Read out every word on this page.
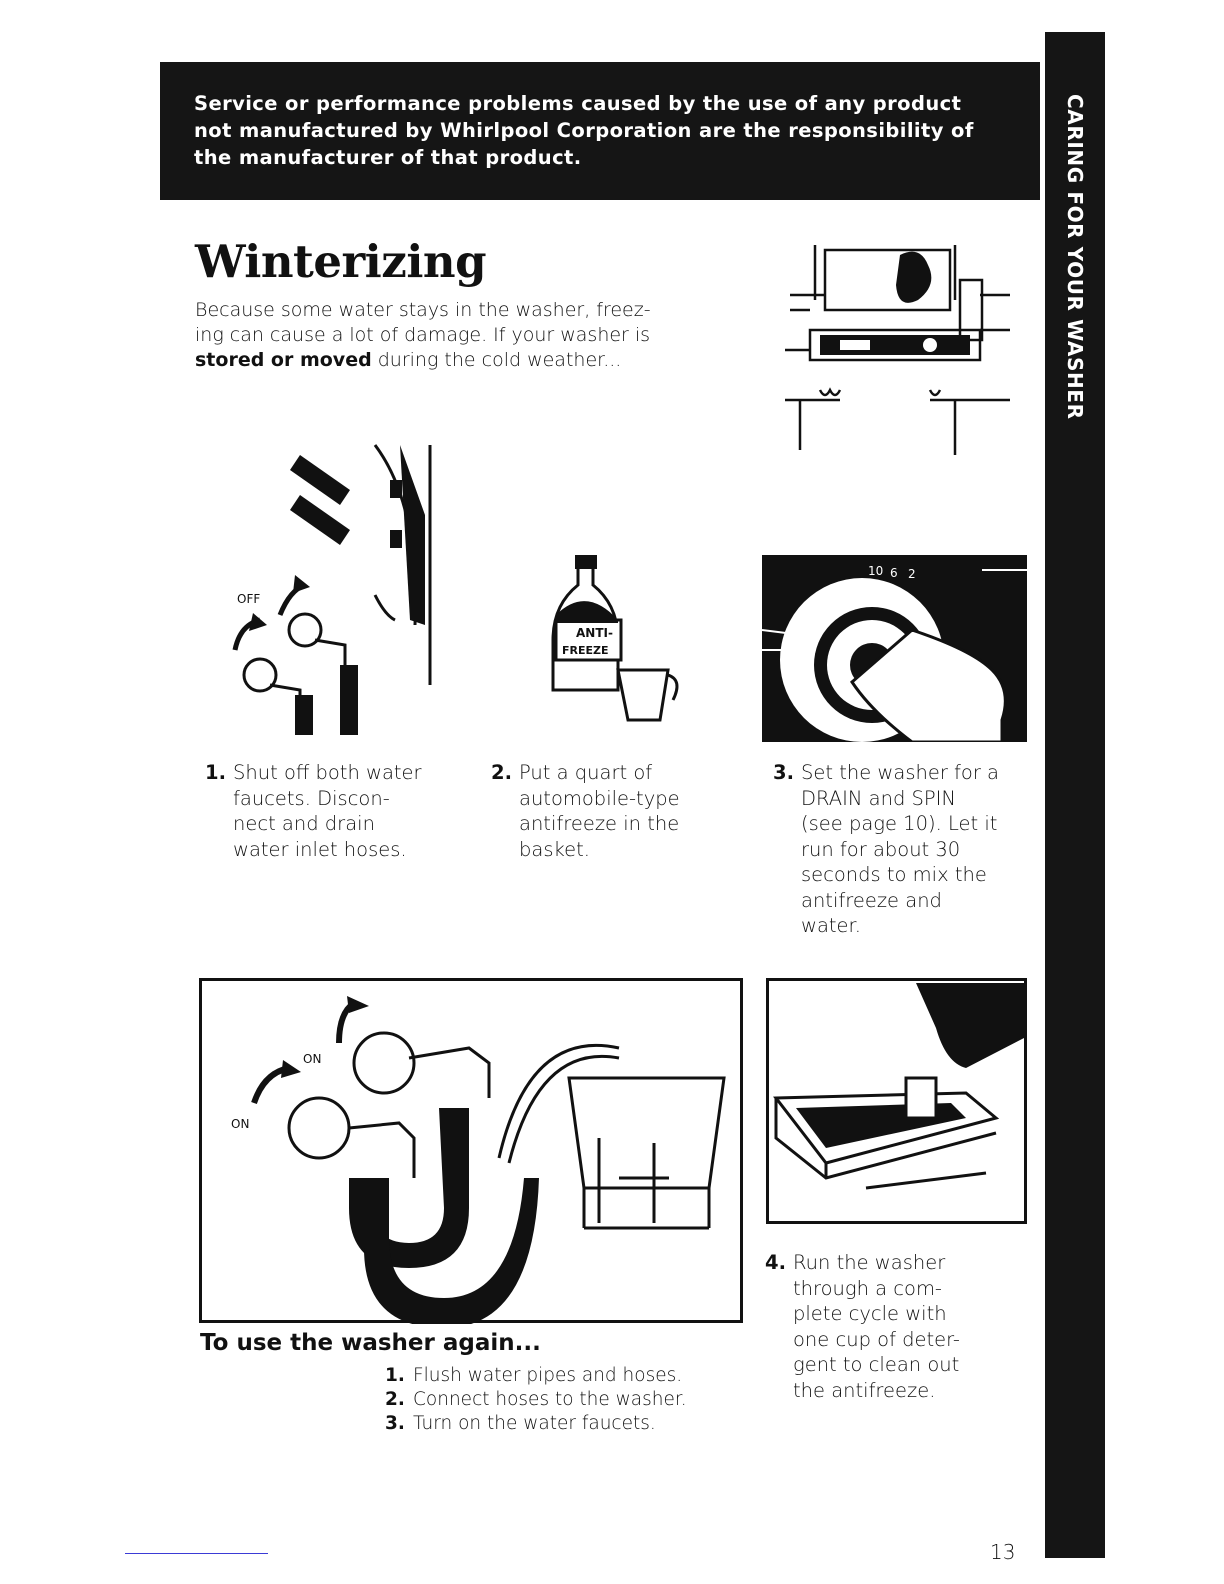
Service or performance problems caused by the use of any product

not manufactured by Whirlpool Corporation are the responsibility of

the manufacturer of that product.	CARING FOR YOUR WASHER
Winterizing

Because some water stays in the washer, freez-
ing can cause a lot of damage. If your washer is
stored or moved during the cold weather...

OFF
ANTI-
FREEZE
10 6 2
1. Shut off both water
faucets. Discon-
nect and drain
water inlet hoses.
2. Put a quart of
automobile-type
antifreeze in the
basket.
3. Set the washer for a
DRAIN and SPIN
(see page 10). Let it
run for about 30
seconds to mix the
antifreeze and
water.
ON
ON
4. Run the washer
through a com-
plete cycle with
one cup of deter-
gent to clean out
the antifreeze.
To use the washer again...
1. Flush water pipes and hoses.
2. Connect hoses to the washer.
3. Turn on the water faucets.
13
